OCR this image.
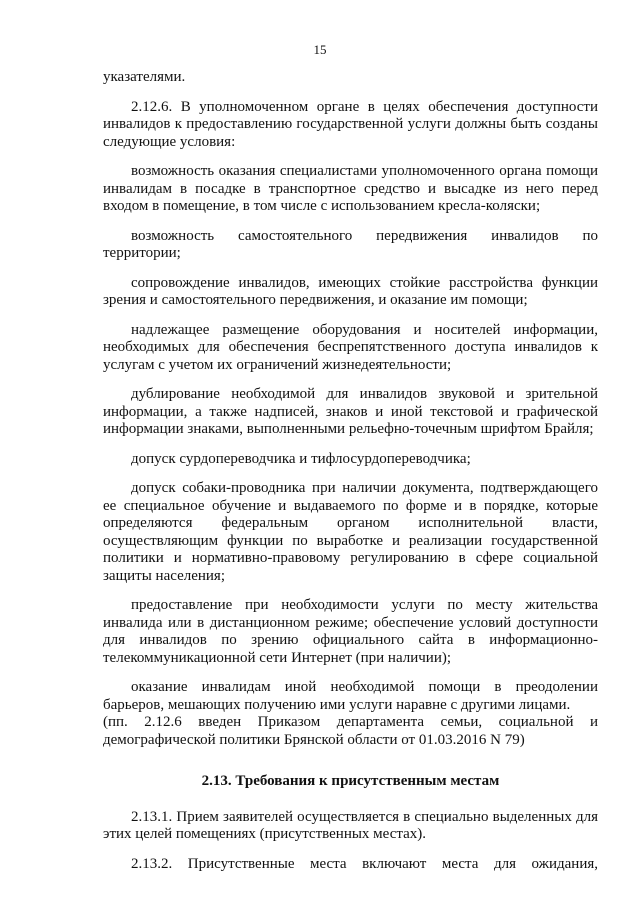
15

указателями.

2.12.6. В уполномоченном органе в целях обеспечения доступности инвалидов к предоставлению государственной услуги должны быть созданы следующие условия:

возможность оказания специалистами уполномоченного органа помощи инвалидам в посадке в транспортное средство и высадке из него перед входом в помещение, в том числе с использованием кресла-коляски;

возможность самостоятельного передвижения инвалидов по территории;

сопровождение инвалидов, имеющих стойкие расстройства функции зрения и самостоятельного передвижения, и оказание им помощи;

надлежащее размещение оборудования и носителей информации, необходимых для обеспечения беспрепятственного доступа инвалидов к услугам с учетом их ограничений жизнедеятельности;

дублирование необходимой для инвалидов звуковой и зрительной информации, а также надписей, знаков и иной текстовой и графической информации знаками, выполненными рельефно-точечным шрифтом Брайля;

допуск сурдопереводчика и тифлосурдопереводчика;

допуск собаки-проводника при наличии документа, подтверждающего ее специальное обучение и выдаваемого по форме и в порядке, которые определяются федеральным органом исполнительной власти, осуществляющим функции по выработке и реализации государственной политики и нормативно-правовому регулированию в сфере социальной защиты населения;

предоставление при необходимости услуги по месту жительства инвалида или в дистанционном режиме; обеспечение условий доступности для инвалидов по зрению официального сайта в информационно-телекоммуникационной сети Интернет (при наличии);

оказание инвалидам иной необходимой помощи в преодолении барьеров, мешающих получению ими услуги наравне с другими лицами.

(пп. 2.12.6 введен Приказом департамента семьи, социальной и демографической политики Брянской области от 01.03.2016 N 79)

2.13. Требования к присутственным местам

2.13.1. Прием заявителей осуществляется в специально выделенных для этих целей помещениях (присутственных местах).

2.13.2. Присутственные места включают места для ожидания,
